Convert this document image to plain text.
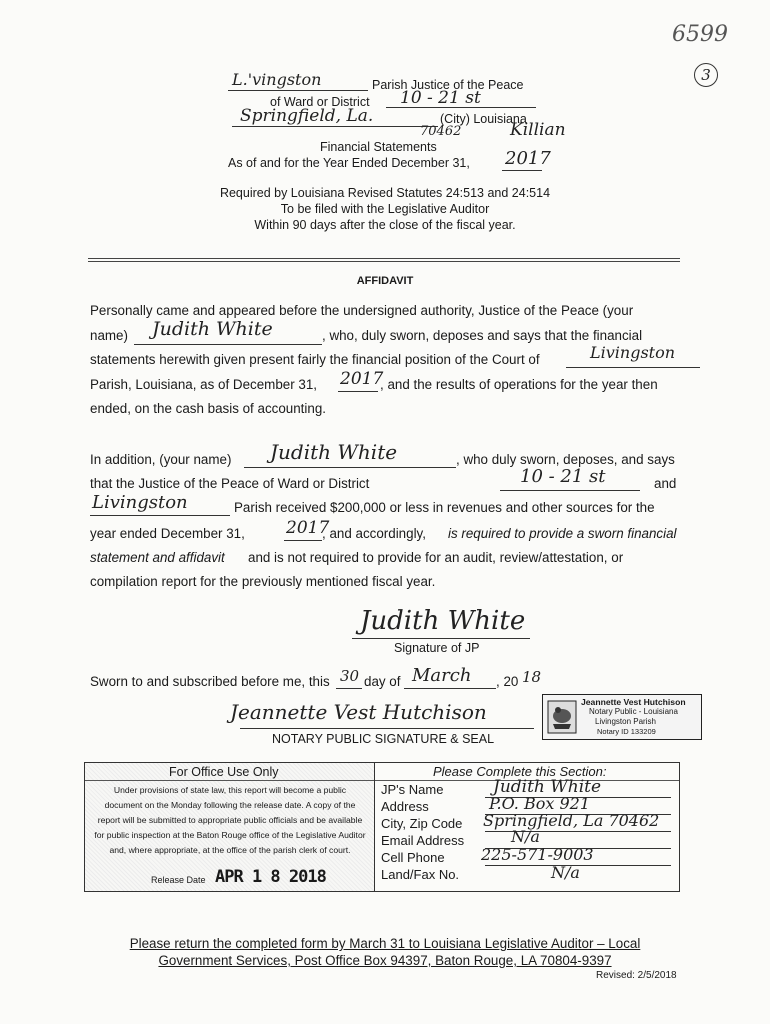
6599
3
L.'vingston	Parish Justice of the Peace
of Ward or District 10 - 21 st
Springfield, La.	(City) Louisiana
70462	Killian
Financial Statements
As of and for the Year Ended December 31, 2017
Required by Louisiana Revised Statutes 24:513 and 24:514
To be filed with the Legislative Auditor
Within 90 days after the close of the fiscal year.
AFFIDAVIT
Personally came and appeared before the undersigned authority, Justice of the Peace (your
name) Judith White	, who, duly sworn, deposes and says that the financial
statements herewith given present fairly the financial position of the Court of	Livingston
Parish, Louisiana, as of December 31, 2017
, and the results of operations for the year then
ended, on the cash basis of accounting.
In addition, (your name) Judith White	, who duly sworn, deposes, and says
that the Justice of the Peace of Ward or District	10 - 21 st	and
Livingston	Parish received $200,000 or less in revenues and other sources for the
year ended December 31, 2017
, and accordingly, is required to provide a sworn financial
statement and affidavit and is not required to provide for an audit, review/attestation, or
compilation report for the previously mentioned fiscal year.
Judith White
Signature of JP
Sworn to and subscribed before me, this 30 day of March , 20 18
Jeannette Vest Hutchison
NOTARY PUBLIC SIGNATURE & SEAL
Jeannette Vest Hutchison
Notary Public - Louisiana
Livingston Parish
Notary ID 133209
For Office Use Only
Under provisions of state law, this report will become a public
document on the Monday following the release date. A copy of the
report will be submitted to appropriate public officials and be available
for public inspection at the Baton Rouge office of the Legislative Auditor
and, where appropriate, at the office of the parish clerk of court.
Release Date APR 1 8 2018
Please Complete this Section:
JP's Name	Judith White
Address	P.O. Box 921
City, Zip Code Springfield, La 70462
Email Address	N/a
Cell Phone 225-571-9003
Land/Fax No.	N/a
Please return the completed form by March 31 to Louisiana Legislative Auditor – Local
Government Services, Post Office Box 94397, Baton Rouge, LA 70804-9397
Revised: 2/5/2018
